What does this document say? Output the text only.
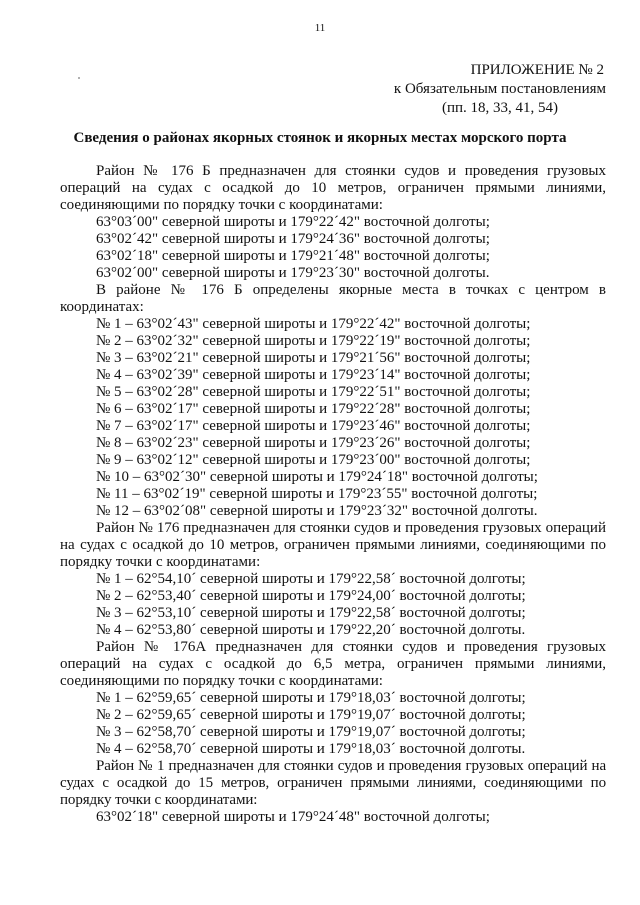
11
ПРИЛОЖЕНИЕ № 2
к Обязательным постановлениям
(пп. 18, 33, 41, 54)
Сведения о районах якорных стоянок и якорных местах морского порта

Район № 176 Б предназначен для стоянки судов и проведения грузовых операций на судах с осадкой до 10 метров, ограничен прямыми линиями, соединяющими по порядку точки с координатами:

63°03´00" северной широты и 179°22´42" восточной долготы;

63°02´42" северной широты и 179°24´36" восточной долготы;

63°02´18" северной широты и 179°21´48" восточной долготы;

63°02´00" северной широты и 179°23´30" восточной долготы.

В районе № 176 Б определены якорные места в точках с центром в координатах:

№ 1 – 63°02´43" северной широты и 179°22´42" восточной долготы;

№ 2 – 63°02´32" северной широты и 179°22´19" восточной долготы;

№ 3 – 63°02´21" северной широты и 179°21´56" восточной долготы;

№ 4 – 63°02´39" северной широты и 179°23´14" восточной долготы;

№ 5 – 63°02´28" северной широты и 179°22´51" восточной долготы;

№ 6 – 63°02´17" северной широты и 179°22´28" восточной долготы;

№ 7 – 63°02´17" северной широты и 179°23´46" восточной долготы;

№ 8 – 63°02´23" северной широты и 179°23´26" восточной долготы;

№ 9 – 63°02´12" северной широты и 179°23´00" восточной долготы;

№ 10 – 63°02´30" северной широты и 179°24´18" восточной долготы;

№ 11 – 63°02´19" северной широты и 179°23´55" восточной долготы;

№ 12 – 63°02´08" северной широты и 179°23´32" восточной долготы.

Район № 176 предназначен для стоянки судов и проведения грузовых операций на судах с осадкой до 10 метров, ограничен прямыми линиями, соединяющими по порядку точки с координатами:

№ 1 – 62°54,10´ северной широты и 179°22,58´ восточной долготы;

№ 2 – 62°53,40´ северной широты и 179°24,00´ восточной долготы;

№ 3 – 62°53,10´ северной широты и 179°22,58´ восточной долготы;

№ 4 – 62°53,80´ северной широты и 179°22,20´ восточной долготы.

Район № 176А предназначен для стоянки судов и проведения грузовых операций на судах с осадкой до 6,5 метра, ограничен прямыми линиями, соединяющими по порядку точки с координатами:

№ 1 – 62°59,65´ северной широты и 179°18,03´ восточной долготы;

№ 2 – 62°59,65´ северной широты и 179°19,07´ восточной долготы;

№ 3 – 62°58,70´ северной широты и 179°19,07´ восточной долготы;

№ 4 – 62°58,70´ северной широты и 179°18,03´ восточной долготы.

Район № 1 предназначен для стоянки судов и проведения грузовых операций на судах с осадкой до 15 метров, ограничен прямыми линиями, соединяющими по порядку точки с координатами:

63°02´18" северной широты и 179°24´48" восточной долготы;
